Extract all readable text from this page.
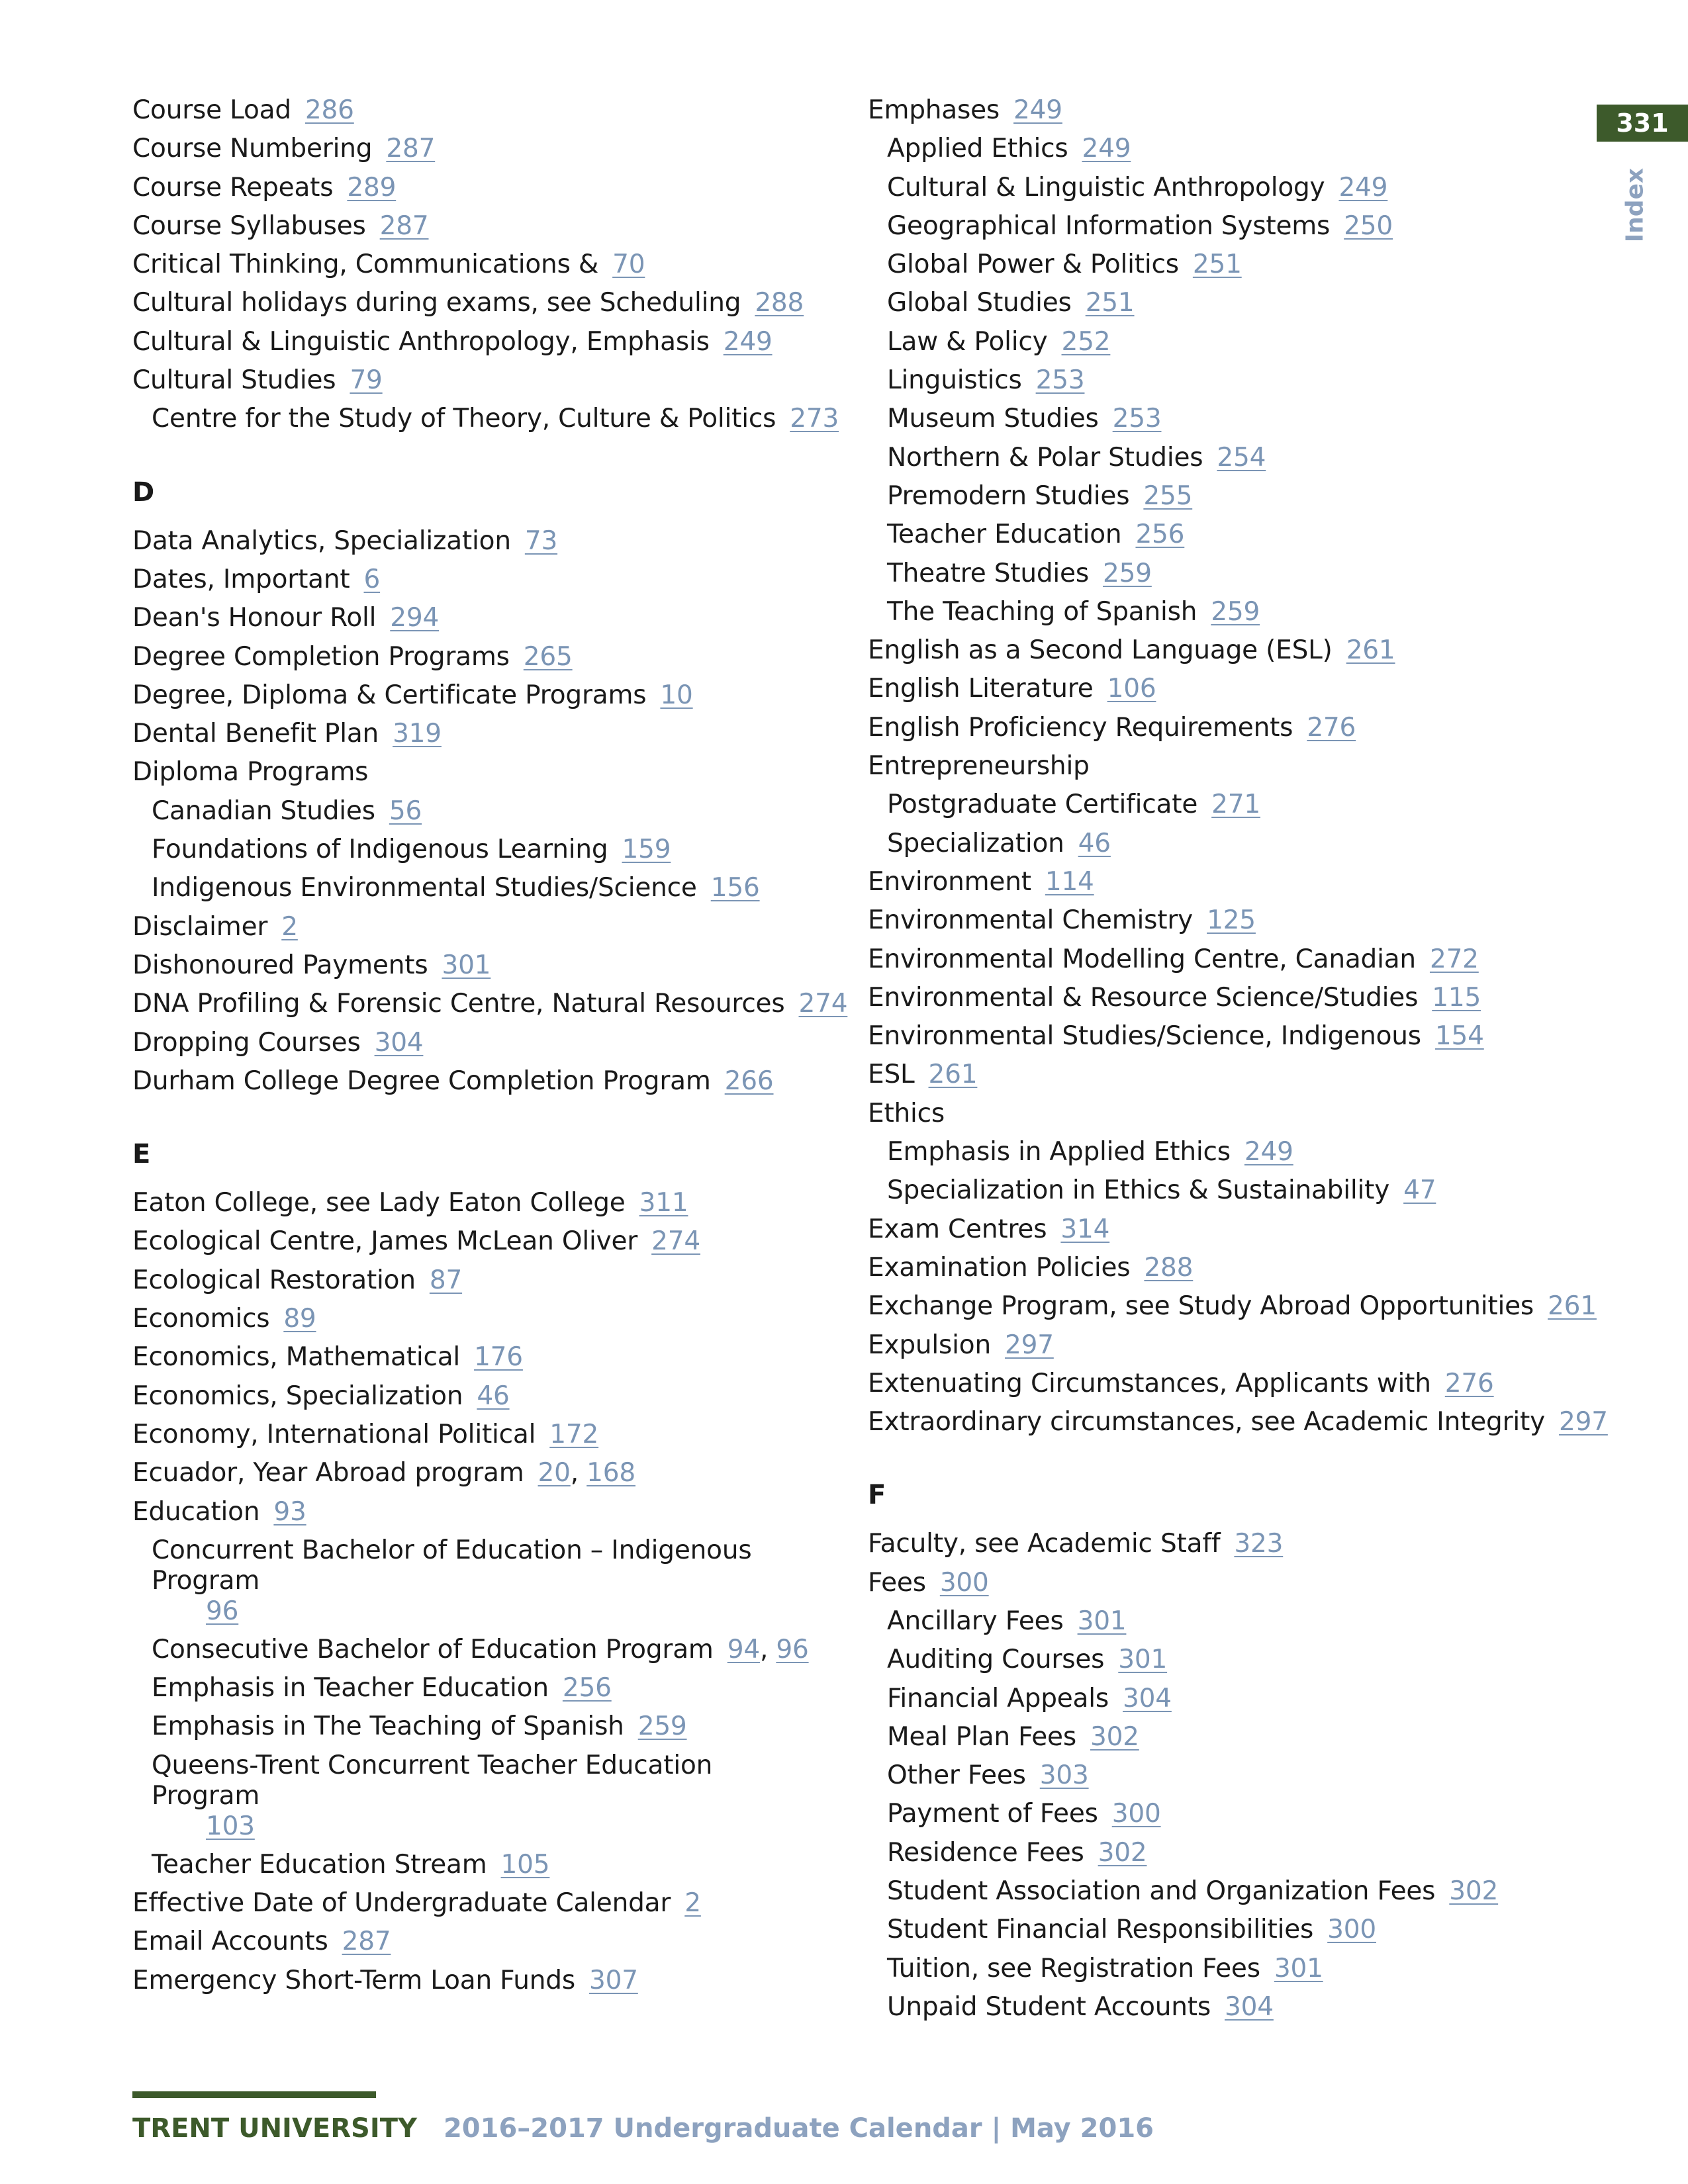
331
Index
Course Load 286
Course Numbering 287
Course Repeats 289
Course Syllabuses 287
Critical Thinking, Communications & 70
Cultural holidays during exams, see Scheduling 288
Cultural & Linguistic Anthropology, Emphasis 249
Cultural Studies 79
Centre for the Study of Theory, Culture & Politics 273
D
Data Analytics, Specialization 73
Dates, Important 6
Dean's Honour Roll 294
Degree Completion Programs 265
Degree, Diploma & Certificate Programs 10
Dental Benefit Plan 319
Diploma Programs
Canadian Studies 56
Foundations of Indigenous Learning 159
Indigenous Environmental Studies/Science 156
Disclaimer 2
Dishonoured Payments 301
DNA Profiling & Forensic Centre, Natural Resources 274
Dropping Courses 304
Durham College Degree Completion Program 266
E
Eaton College, see Lady Eaton College 311
Ecological Centre, James McLean Oliver 274
Ecological Restoration 87
Economics 89
Economics, Mathematical 176
Economics, Specialization 46
Economy, International Political 172
Ecuador, Year Abroad program 20, 168
Education 93
Concurrent Bachelor of Education – Indigenous Program
96
Consecutive Bachelor of Education Program 94, 96
Emphasis in Teacher Education 256
Emphasis in The Teaching of Spanish 259
Queens-Trent Concurrent Teacher Education Program
103
Teacher Education Stream 105
Effective Date of Undergraduate Calendar 2
Email Accounts 287
Emergency Short-Term Loan Funds 307
Emphases 249
Applied Ethics 249
Cultural & Linguistic Anthropology 249
Geographical Information Systems 250
Global Power & Politics 251
Global Studies 251
Law & Policy 252
Linguistics 253
Museum Studies 253
Northern & Polar Studies 254
Premodern Studies 255
Teacher Education 256
Theatre Studies 259
The Teaching of Spanish 259
English as a Second Language (ESL) 261
English Literature 106
English Proficiency Requirements 276
Entrepreneurship
Postgraduate Certificate 271
Specialization 46
Environment 114
Environmental Chemistry 125
Environmental Modelling Centre, Canadian 272
Environmental & Resource Science/Studies 115
Environmental Studies/Science, Indigenous 154
ESL 261
Ethics
Emphasis in Applied Ethics 249
Specialization in Ethics & Sustainability 47
Exam Centres 314
Examination Policies 288
Exchange Program, see Study Abroad Opportunities 261
Expulsion 297
Extenuating Circumstances, Applicants with 276
Extraordinary circumstances, see Academic Integrity 297
F
Faculty, see Academic Staff 323
Fees 300
Ancillary Fees 301
Auditing Courses 301
Financial Appeals 304
Meal Plan Fees 302
Other Fees 303
Payment of Fees 300
Residence Fees 302
Student Association and Organization Fees 302
Student Financial Responsibilities 300
Tuition, see Registration Fees 301
Unpaid Student Accounts 304
TRENT UNIVERSITY 2016–2017 Undergraduate Calendar | May 2016
